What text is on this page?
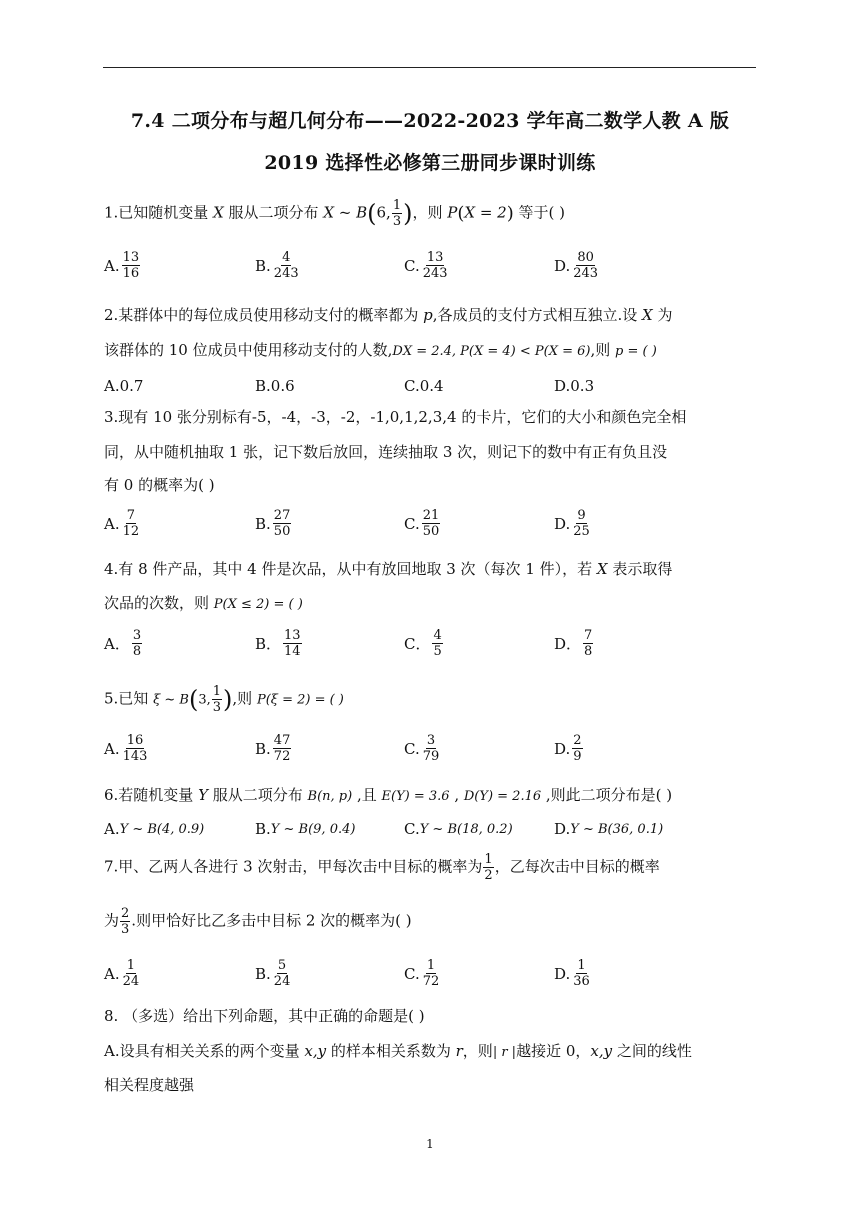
7.4 二项分布与超几何分布——2022-2023 学年高二数学人教 A 版
2019 选择性必修第三册同步课时训练
1.已知随机变量 X 服从二项分布 X ~ B(6, $\frac{1}{3}$ )，则 P(X = 2) 等于( )
A. $\frac{13}{16}$	B. $\frac{4}{243}$	C. $\frac{13}{243}$	D. $\frac{80}{243}$
2.某群体中的每位成员使用移动支付的概率都为 p,各成员的支付方式相互独立.设 X 为
该群体的 10 位成员中使用移动支付的人数,DX = 2.4, P(X = 4) < P(X = 6),则 p = ( )
A.0.7	B.0.6	C.0.4	D.0.3
3.现有 10 张分别标有-5，-4，-3，-2，-1,0,1,2,3,4 的卡片，它们的大小和颜色完全相
同，从中随机抽取 1 张，记下数后放回，连续抽取 3 次，则记下的数中有正有负且没
有 0 的概率为( )
A. $\frac{7}{12}$	B. $\frac{27}{50}$	C. $\frac{21}{50}$	D. $\frac{9}{25}$
4.有 8 件产品，其中 4 件是次品，从中有放回地取 3 次（每次 1 件），若 X 表示取得
次品的次数，则 P(X ≤ 2) = ( )
A． $\frac{3}{8}$	B． $\frac{13}{14}$	C． $\frac{4}{5}$	D． $\frac{7}{8}$
5.已知 ξ ~ B(3, $\frac{1}{3}$ ),则 P(ξ = 2) = ( )
A. $\frac{16}{143}$	B. $\frac{47}{72}$	C. $\frac{3}{79}$	D. $\frac{2}{9}$
6.若随机变量 Y 服从二项分布 B(n, p) ,且 E(Y) = 3.6 , D(Y) = 2.16 ,则此二项分布是( )
A. Y ~ B(4, 0.9)	B. Y ~ B(9, 0.4)	C. Y ~ B(18, 0.2)	D. Y ~ B(36, 0.1)
7.甲、乙两人各进行 3 次射击，甲每次击中目标的概率为 $\frac{1}{2}$ ，乙每次击中目标的概率
为 $\frac{2}{3}$ .则甲恰好比乙多击中目标 2 次的概率为( )
A. $\frac{1}{24}$	B. $\frac{5}{24}$	C. $\frac{1}{72}$	D. $\frac{1}{36}$
8. （多选）给出下列命题，其中正确的命题是( )
A.设具有相关关系的两个变量 x,y 的样本相关系数为 r，则| r |越接近 0，x,y 之间的线性
相关程度越强
1
